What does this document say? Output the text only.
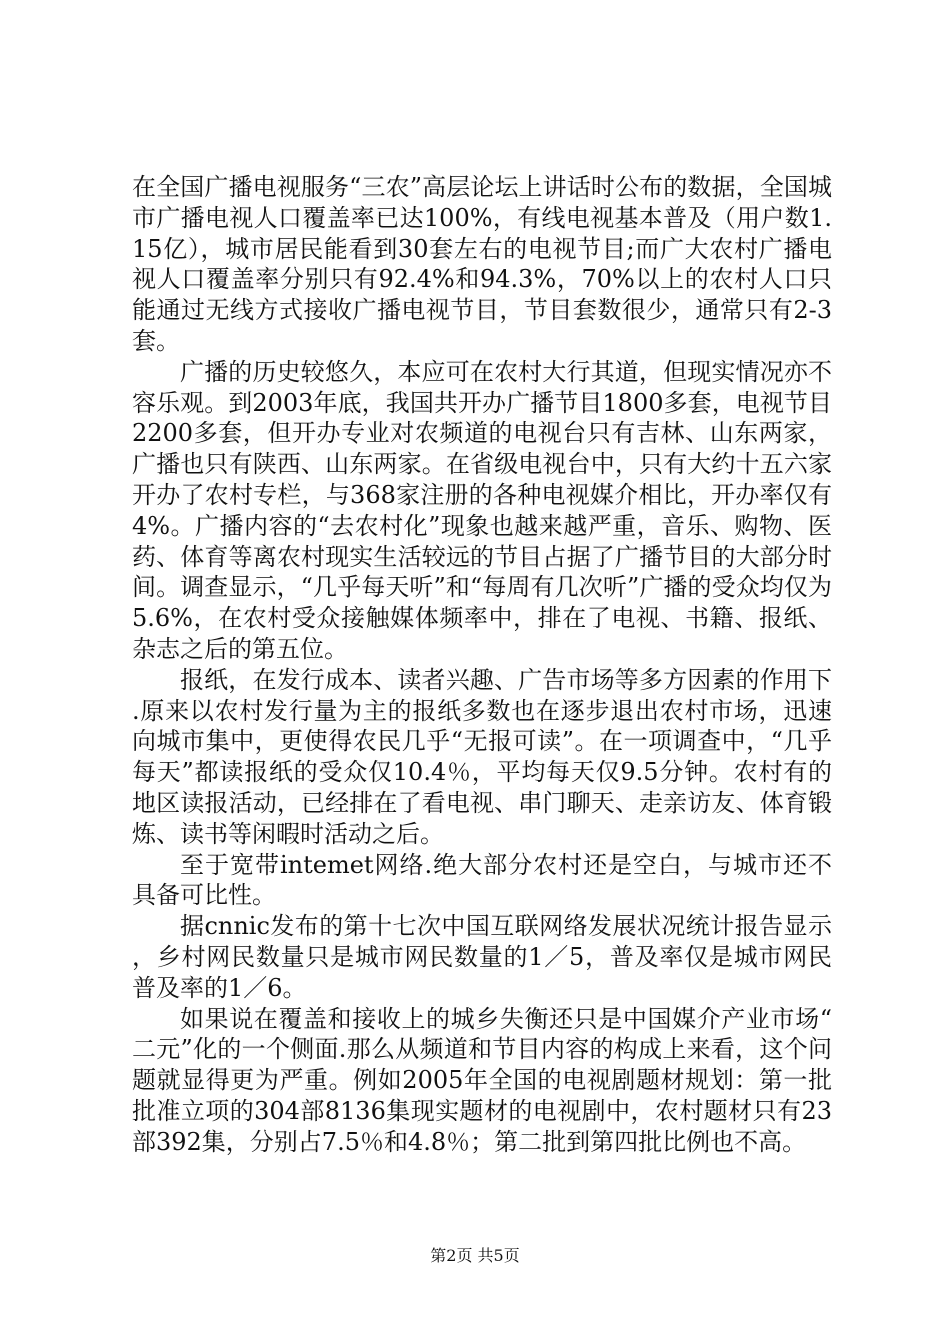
在全国广播电视服务“三农”高层论坛上讲话时公布的数据，全国城市广播电视人口覆盖率已达100%，有线电视基本普及（用户数1.15亿），城市居民能看到30套左右的电视节目;而广大农村广播电视人口覆盖率分别只有92.4%和94.3%，70%以上的农村人口只能通过无线方式接收广播电视节目，节目套数很少，通常只有2-3套。

广播的历史较悠久，本应可在农村大行其道，但现实情况亦不容乐观。到2003年底，我国共开办广播节目1800多套，电视节目2200多套，但开办专业对农频道的电视台只有吉林、山东两家，广播也只有陕西、山东两家。在省级电视台中，只有大约十五六家开办了农村专栏，与368家注册的各种电视媒介相比，开办率仅有4%。广播内容的“去农村化”现象也越来越严重，音乐、购物、医药、体育等离农村现实生活较远的节目占据了广播节目的大部分时间。调查显示，“几乎每天听”和“每周有几次听”广播的受众均仅为5.6%，在农村受众接触媒体频率中，排在了电视、书籍、报纸、杂志之后的第五位。

报纸，在发行成本、读者兴趣、广告市场等多方因素的作用下.原来以农村发行量为主的报纸多数也在逐步退出农村市场，迅速向城市集中，更使得农民几乎“无报可读”。在一项调查中，“几乎每天”都读报纸的受众仅10.4％，平均每天仅9.5分钟。农村有的地区读报活动，已经排在了看电视、串门聊天、走亲访友、体育锻炼、读书等闲暇时活动之后。

至于宽带intemet网络.绝大部分农村还是空白，与城市还不具备可比性。

据cnnic发布的第十七次中国互联网络发展状况统计报告显示，乡村网民数量只是城市网民数量的1／5，普及率仅是城市网民普及率的1／6。

如果说在覆盖和接收上的城乡失衡还只是中国媒介产业市场“二元”化的一个侧面.那么从频道和节目内容的构成上来看，这个问题就显得更为严重。例如2005年全国的电视剧题材规划：第一批批准立项的304部8136集现实题材的电视剧中，农村题材只有23部392集，分别占7.5％和4.8％；第二批到第四批比例也不高。

第2页 共5页
